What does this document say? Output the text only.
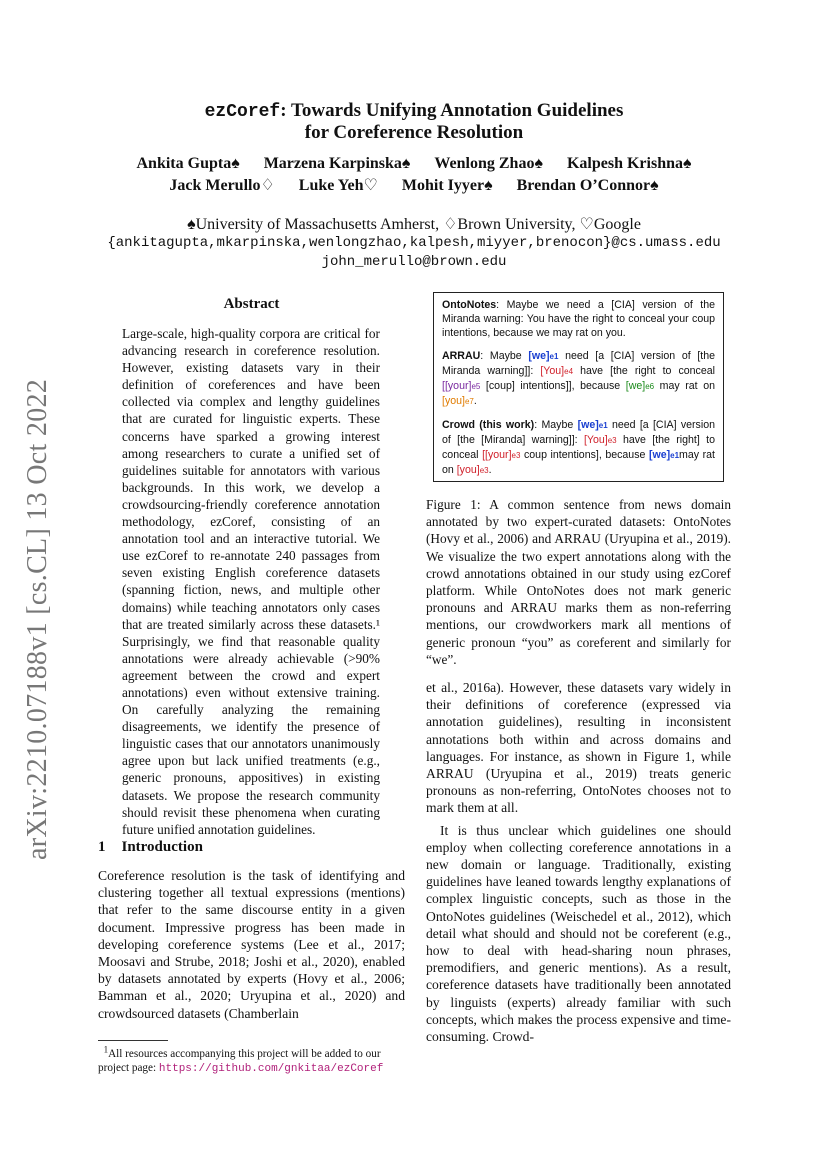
arXiv:2210.07188v1 [cs.CL] 13 Oct 2022
ezCoref: Towards Unifying Annotation Guidelines
for Coreference Resolution
Ankita Gupta♠ Marzena Karpinska♠ Wenlong Zhao♠ Kalpesh Krishna♠
Jack Merullo♢ Luke Yeh♡ Mohit Iyyer♠ Brendan O’Connor♠
♠University of Massachusetts Amherst, ♢Brown University, ♡Google
{ankitagupta,mkarpinska,wenlongzhao,kalpesh,miyyer,brenocon}@cs.umass.edu
john_merullo@brown.edu
Abstract
Large-scale, high-quality corpora are critical for advancing research in coreference resolution. However, existing datasets vary in their definition of coreferences and have been collected via complex and lengthy guidelines that are curated for linguistic experts. These concerns have sparked a growing interest among researchers to curate a unified set of guidelines suitable for annotators with various backgrounds. In this work, we develop a crowdsourcing-friendly coreference annotation methodology, ezCoref, consisting of an annotation tool and an interactive tutorial. We use ezCoref to re-annotate 240 passages from seven existing English coreference datasets (spanning fiction, news, and multiple other domains) while teaching annotators only cases that are treated similarly across these datasets.¹ Surprisingly, we find that reasonable quality annotations were already achievable (>90% agreement between the crowd and expert annotations) even without extensive training. On carefully analyzing the remaining disagreements, we identify the presence of linguistic cases that our annotators unanimously agree upon but lack unified treatments (e.g., generic pronouns, appositives) in existing datasets. We propose the research community should revisit these phenomena when curating future unified annotation guidelines.
1 Introduction

Coreference resolution is the task of identifying and clustering together all textual expressions (mentions) that refer to the same discourse entity in a given document. Impressive progress has been made in developing coreference systems (Lee et al., 2017; Moosavi and Strube, 2018; Joshi et al., 2020), enabled by datasets annotated by experts (Hovy et al., 2006; Bamman et al., 2020; Uryupina et al., 2020) and crowdsourced datasets (Chamberlain

$^1$All resources accompanying this project will be added to our project page: https://github.com/gnkitaa/ezCoref

OntoNotes: Maybe we need a [CIA] version of the Miranda warning: You have the right to conceal your coup intentions, because we may rat on you.

ARRAU: Maybe [we]e1 need [a [CIA] version of [the Miranda warning]]: [You]e4 have [the right to conceal [[your]e5 [coup] intentions]], because [we]e6 may rat on [you]e7.

Crowd (this work): Maybe [we]e1 need [a [CIA] version of [the [Miranda] warning]]: [You]e3 have [the right] to conceal [[your]e3 coup intentions], because [we]e1may rat on [you]e3.

Figure 1: A common sentence from news domain annotated by two expert-curated datasets: OntoNotes (Hovy et al., 2006) and ARRAU (Uryupina et al., 2019). We visualize the two expert annotations along with the crowd annotations obtained in our study using ezCoref platform. While OntoNotes does not mark generic pronouns and ARRAU marks them as non-referring mentions, our crowdworkers mark all mentions of generic pronoun “you” as coreferent and similarly for “we”.

et al., 2016a). However, these datasets vary widely in their definitions of coreference (expressed via annotation guidelines), resulting in inconsistent annotations both within and across domains and languages. For instance, as shown in Figure 1, while ARRAU (Uryupina et al., 2019) treats generic pronouns as non-referring, OntoNotes chooses not to mark them at all.

It is thus unclear which guidelines one should employ when collecting coreference annotations in a new domain or language. Traditionally, existing guidelines have leaned towards lengthy explanations of complex linguistic concepts, such as those in the OntoNotes guidelines (Weischedel et al., 2012), which detail what should and should not be coreferent (e.g., how to deal with head-sharing noun phrases, premodifiers, and generic mentions). As a result, coreference datasets have traditionally been annotated by linguists (experts) already familiar with such concepts, which makes the process expensive and time-consuming. Crowd-
